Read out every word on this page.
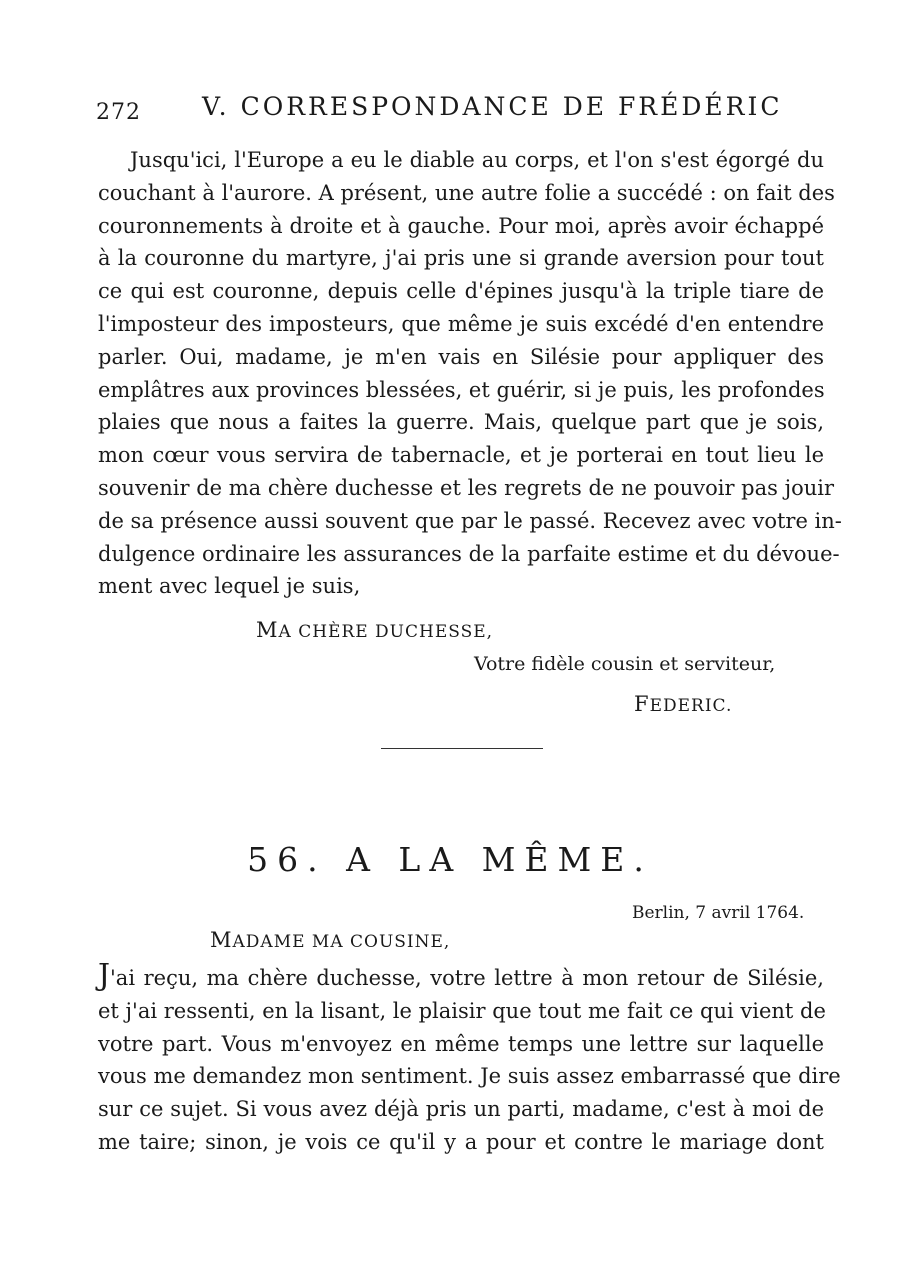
272 V. CORRESPONDANCE DE FRÉDÉRIC
Jusqu'ici, l'Europe a eu le diable au corps, et l'on s'est égorgé du
couchant à l'aurore. A présent, une autre folie a succédé : on fait des
couronnements à droite et à gauche. Pour moi, après avoir échappé
à la couronne du martyre, j'ai pris une si grande aversion pour tout
ce qui est couronne, depuis celle d'épines jusqu'à la triple tiare de
l'imposteur des imposteurs, que même je suis excédé d'en entendre
parler. Oui, madame, je m'en vais en Silésie pour appliquer des
emplâtres aux provinces blessées, et guérir, si je puis, les profondes
plaies que nous a faites la guerre. Mais, quelque part que je sois,
mon cœur vous servira de tabernacle, et je porterai en tout lieu le
souvenir de ma chère duchesse et les regrets de ne pouvoir pas jouir
de sa présence aussi souvent que par le passé. Recevez avec votre in-
dulgence ordinaire les assurances de la parfaite estime et du dévoue-
ment avec lequel je suis,
MA CHÈRE DUCHESSE,
Votre fidèle cousin et serviteur,
FEDERIC.
56. A LA MÊME.
Berlin, 7 avril 1764.
MADAME MA COUSINE,
J'ai reçu, ma chère duchesse, votre lettre à mon retour de Silésie,
et j'ai ressenti, en la lisant, le plaisir que tout me fait ce qui vient de
votre part. Vous m'envoyez en même temps une lettre sur laquelle
vous me demandez mon sentiment. Je suis assez embarrassé que dire
sur ce sujet. Si vous avez déjà pris un parti, madame, c'est à moi de
me taire; sinon, je vois ce qu'il y a pour et contre le mariage dont
